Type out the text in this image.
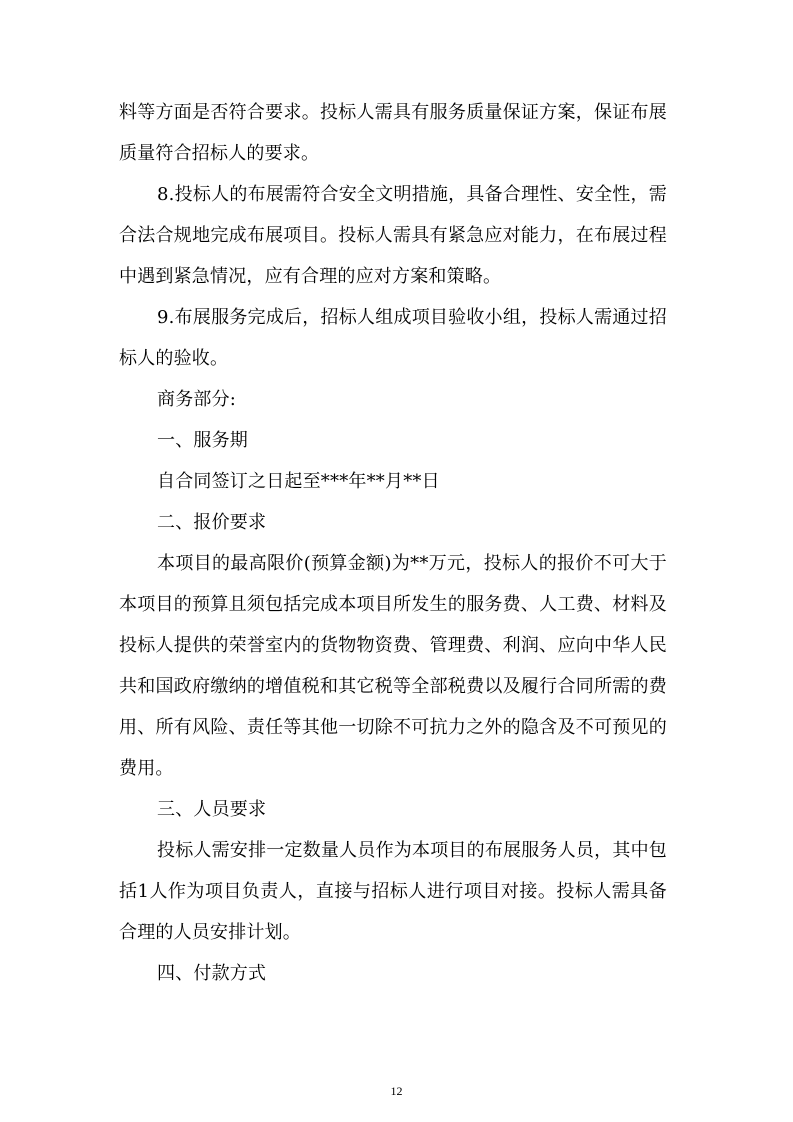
料等方面是否符合要求。投标人需具有服务质量保证方案，保证布展质量符合招标人的要求。

8.投标人的布展需符合安全文明措施，具备合理性、安全性，需合法合规地完成布展项目。投标人需具有紧急应对能力，在布展过程中遇到紧急情况，应有合理的应对方案和策略。

9.布展服务完成后，招标人组成项目验收小组，投标人需通过招标人的验收。

商务部分:

一、服务期

自合同签订之日起至***年**月**日

二、报价要求

本项目的最高限价(预算金额)为**万元，投标人的报价不可大于本项目的预算且须包括完成本项目所发生的服务费、人工费、材料及投标人提供的荣誉室内的货物物资费、管理费、利润、应向中华人民共和国政府缴纳的增值税和其它税等全部税费以及履行合同所需的费用、所有风险、责任等其他一切除不可抗力之外的隐含及不可预见的费用。

三、人员要求

投标人需安排一定数量人员作为本项目的布展服务人员，其中包括1人作为项目负责人，直接与招标人进行项目对接。投标人需具备合理的人员安排计划。

四、付款方式

12
